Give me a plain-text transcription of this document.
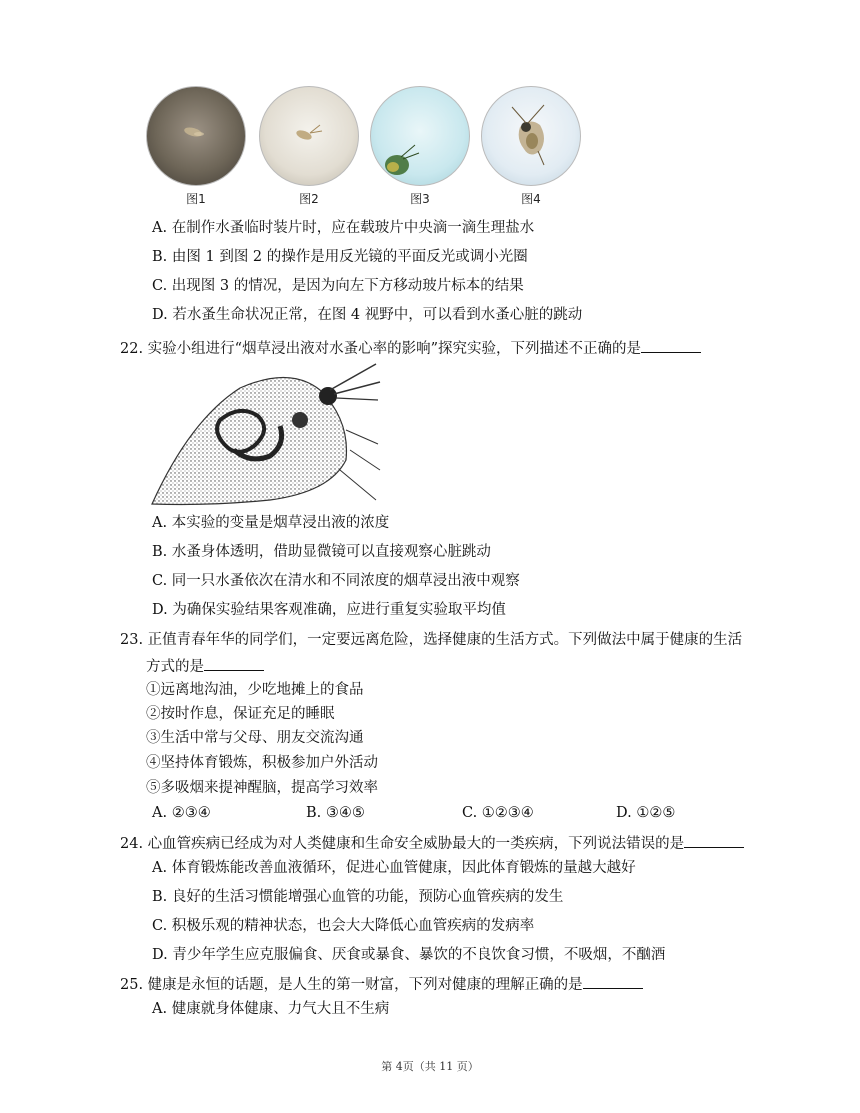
图1	图2	图3	图4
A. 在制作水蚤临时装片时，应在载玻片中央滴一滴生理盐水
B. 由图 1 到图 2 的操作是用反光镜的平面反光或调小光圈
C. 出现图 3 的情况，是因为向左下方移动玻片标本的结果
D. 若水蚤生命状况正常，在图 4 视野中，可以看到水蚤心脏的跳动
22. 实验小组进行“烟草浸出液对水蚤心率的影响”探究实验，下列描述不正确的是
A. 本实验的变量是烟草浸出液的浓度
B. 水蚤身体透明，借助显微镜可以直接观察心脏跳动
C. 同一只水蚤依次在清水和不同浓度的烟草浸出液中观察
D. 为确保实验结果客观准确，应进行重复实验取平均值
23. 正值青春年华的同学们，一定要远离危险，选择健康的生活方式。下列做法中属于健康的生活
方式的是
①远离地沟油，少吃地摊上的食品
②按时作息，保证充足的睡眠
③生活中常与父母、朋友交流沟通
④坚持体育锻炼，积极参加户外活动
⑤多吸烟来提神醒脑，提高学习效率
A. ②③④	B. ③④⑤	C. ①②③④	D. ①②⑤
24. 心血管疾病已经成为对人类健康和生命安全威胁最大的一类疾病，下列说法错误的是
A. 体育锻炼能改善血液循环，促进心血管健康，因此体育锻炼的量越大越好
B. 良好的生活习惯能增强心血管的功能，预防心血管疾病的发生
C. 积极乐观的精神状态，也会大大降低心血管疾病的发病率
D. 青少年学生应克服偏食、厌食或暴食、暴饮的不良饮食习惯，不吸烟，不酗酒
25. 健康是永恒的话题，是人生的第一财富，下列对健康的理解正确的是
A. 健康就身体健康、力气大且不生病
第 4页（共 11 页）
